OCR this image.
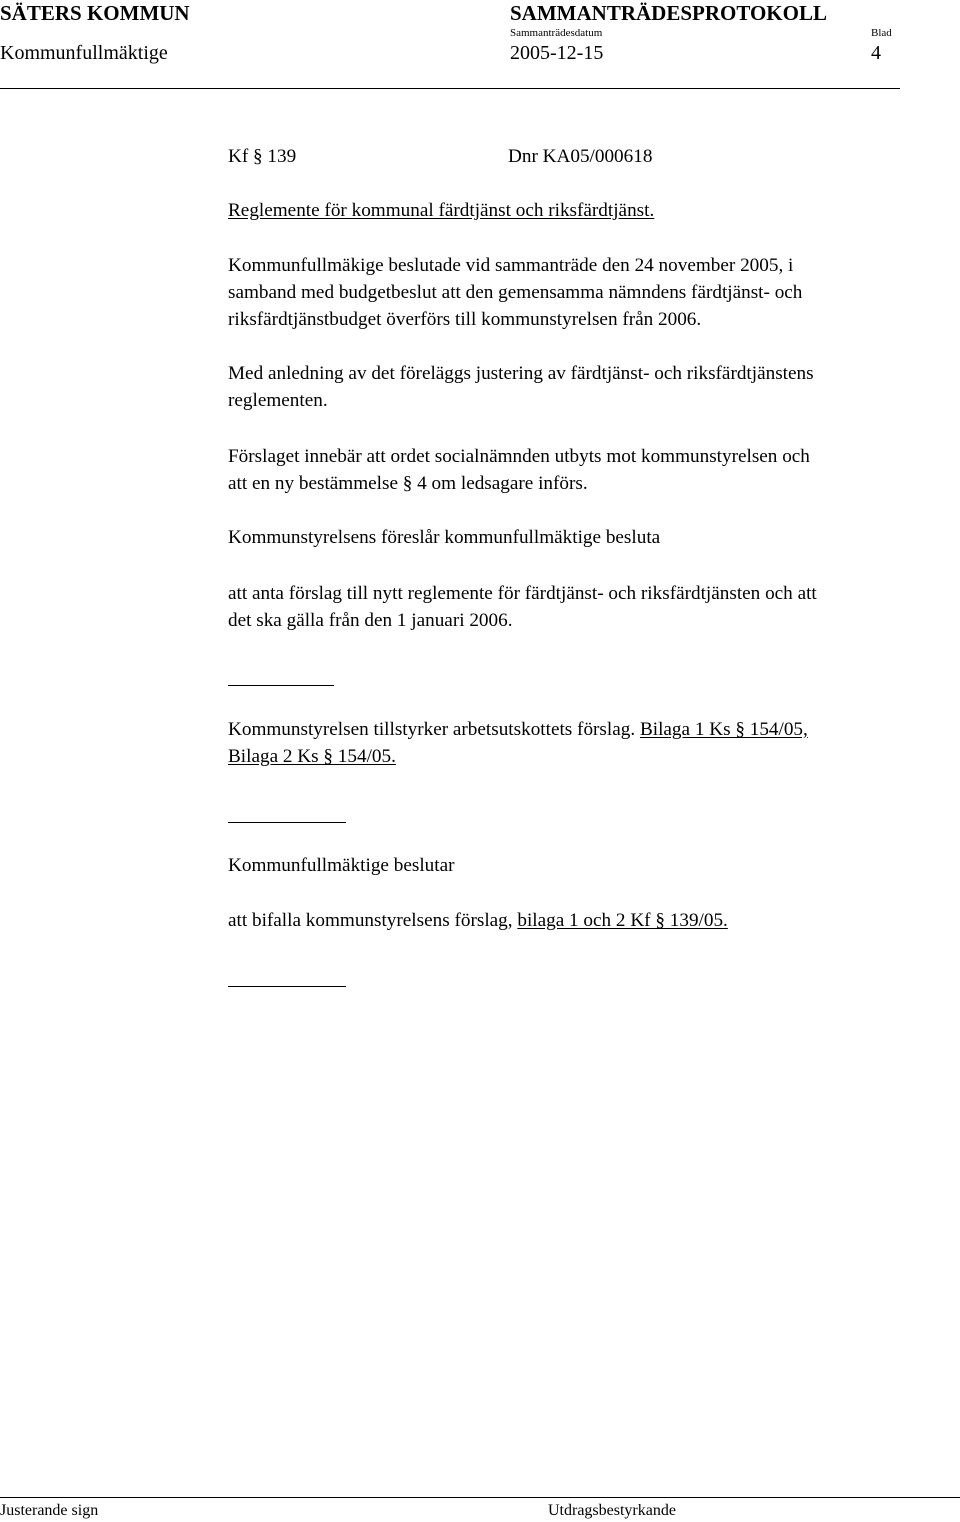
SÄTERS KOMMUN	SAMMANTRÄDESPROTOKOLL
Sammanträdesdatum	Blad
Kommunfullmäktige	2005-12-15	4
Kf § 139	Dnr KA05/000618
Reglemente för kommunal färdtjänst och riksfärdtjänst.
Kommunfullmäkige beslutade vid sammanträde den 24 november 2005, i
samband med budgetbeslut att den gemensamma nämndens färdtjänst- och
riksfärdtjänstbudget överförs till kommunstyrelsen från 2006.
Med anledning av det föreläggs justering av färdtjänst- och riksfärdtjänstens
reglementen.
Förslaget innebär att ordet socialnämnden utbyts mot kommunstyrelsen och
att en ny bestämmelse § 4 om ledsagare införs.
Kommunstyrelsens föreslår kommunfullmäktige besluta
att anta förslag till nytt reglemente för färdtjänst- och riksfärdtjänsten och att
det ska gälla från den 1 januari 2006.
Kommunstyrelsen tillstyrker arbetsutskottets förslag. Bilaga 1 Ks § 154/05,
Bilaga 2 Ks § 154/05.
Kommunfullmäktige beslutar
att bifalla kommunstyrelsens förslag, bilaga 1 och 2 Kf § 139/05.
Justerande sign	Utdragsbestyrkande
